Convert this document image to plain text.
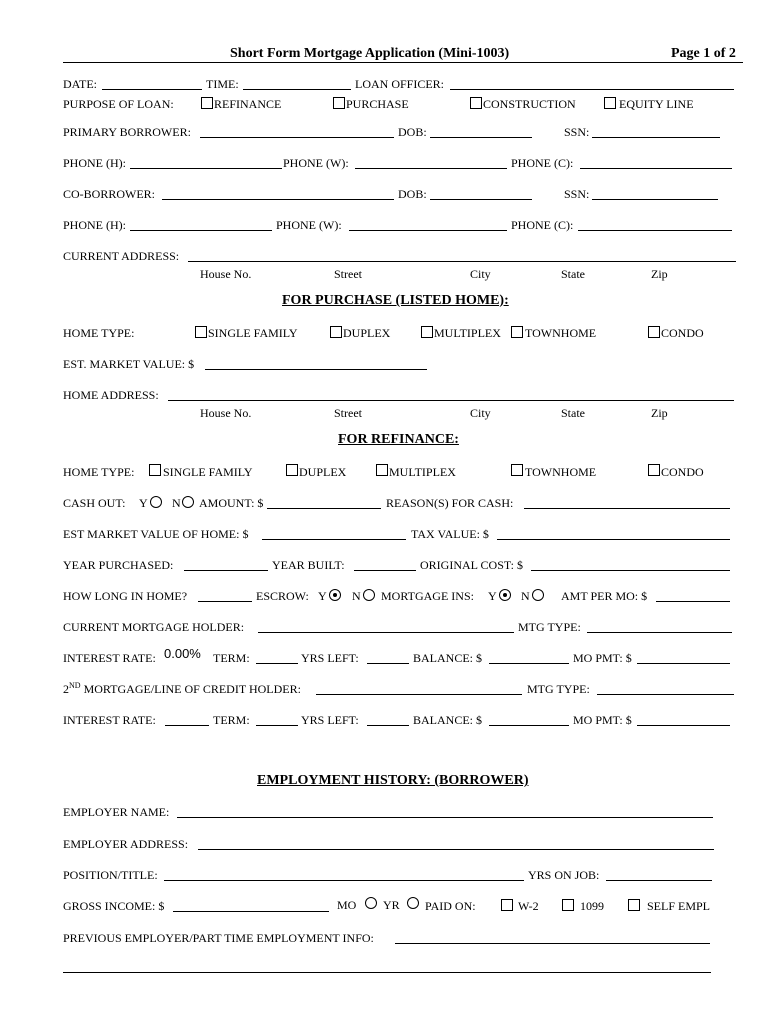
Short Form Mortgage Application (Mini-1003)	Page 1 of 2
DATE:	TIME:	LOAN OFFICER:
PURPOSE OF LOAN:	REFINANCE	PURCHASE	CONSTRUCTION	EQUITY LINE
PRIMARY BORROWER:	DOB:	SSN:
PHONE (H):	PHONE (W):	PHONE (C):
CO-BORROWER:	DOB:	SSN:
PHONE (H):	PHONE (W):	PHONE (C):
CURRENT ADDRESS:
House No.	Street	City	State	Zip
FOR PURCHASE (LISTED HOME):
HOME TYPE:	SINGLE FAMILY	DUPLEX	MULTIPLEX TOWNHOME	CONDO
EST. MARKET VALUE: $
HOME ADDRESS:
House No.	Street	City	State	Zip
FOR REFINANCE:
HOME TYPE: SINGLE FAMILY	DUPLEX	MULTIPLEX	TOWNHOME	CONDO
CASH OUT: Y N AMOUNT: $	REASON(S) FOR CASH:
EST MARKET VALUE OF HOME: $	TAX VALUE: $
YEAR PURCHASED:	YEAR BUILT:	ORIGINAL COST: $
HOW LONG IN HOME?	ESCROW: Y N MORTGAGE INS: Y N	AMT PER MO: $
CURRENT MORTGAGE HOLDER:	MTG TYPE:
INTEREST RATE: 0.00% TERM:	YRS LEFT:	BALANCE: $	MO PMT: $
2ND MORTGAGE/LINE OF CREDIT HOLDER:	MTG TYPE:
INTEREST RATE:	TERM:	YRS LEFT:	BALANCE: $	MO PMT: $
EMPLOYMENT HISTORY: (BORROWER)
EMPLOYER NAME:
EMPLOYER ADDRESS:
POSITION/TITLE:	YRS ON JOB:
GROSS INCOME: $	MO YR PAID ON:	W-2	1099	SELF EMPL
PREVIOUS EMPLOYER/PART TIME EMPLOYMENT INFO:
